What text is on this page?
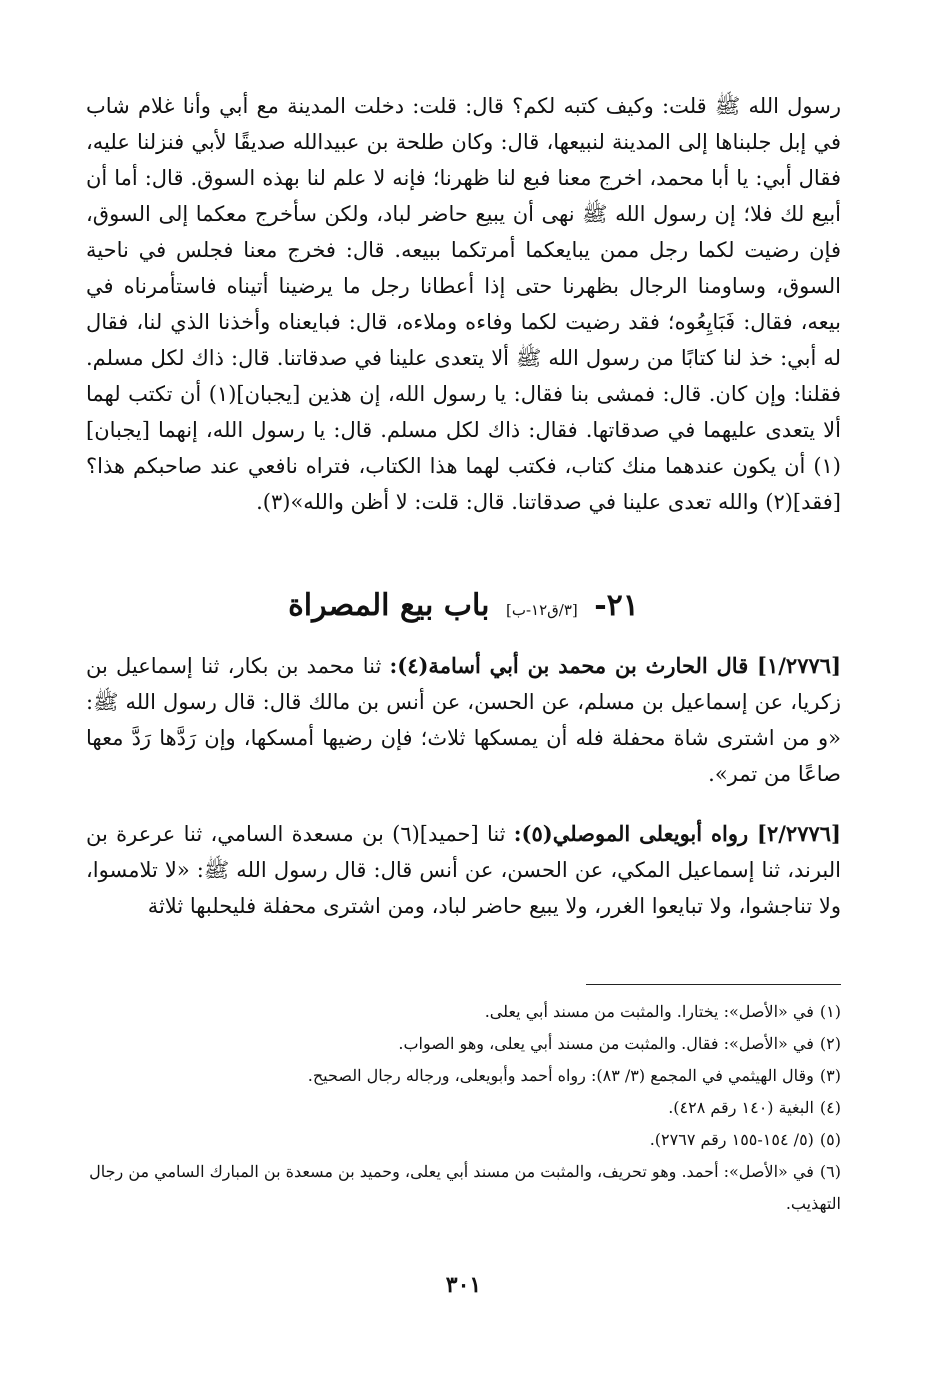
رسول الله ﷺ قلت: وكيف كتبه لكم؟ قال: قلت: دخلت المدينة مع أبي وأنا غلام شاب في إبل جلبناها إلى المدينة لنبيعها، قال: وكان طلحة بن عبيدالله صديقًا لأبي فنزلنا عليه، فقال أبي: يا أبا محمد، اخرج معنا فبع لنا ظهرنا؛ فإنه لا علم لنا بهذه السوق. قال: أما أن أبيع لك فلا؛ إن رسول الله ﷺ نهى أن يبيع حاضر لباد، ولكن سأخرج معكما إلى السوق، فإن رضيت لكما رجل ممن يبايعكما أمرتكما ببيعه. قال: فخرج معنا فجلس في ناحية السوق، وساومنا الرجال بظهرنا حتى إذا أعطانا رجل ما يرضينا أتيناه فاستأمرناه في بيعه، فقال: فَبَايِعُوه؛ فقد رضيت لكما وفاءه وملاءه، قال: فبايعناه وأخذنا الذي لنا، فقال له أبي: خذ لنا كتابًا من رسول الله ﷺ ألا يتعدى علينا في صدقاتنا. قال: ذاك لكل مسلم. فقلنا: وإن كان. قال: فمشى بنا فقال: يا رسول الله، إن هذين [يجبان](١) أن تكتب لهما ألا يتعدى عليهما في صدقاتها. فقال: ذاك لكل مسلم. قال: يا رسول الله، إنهما [يجبان](١) أن يكون عندهما منك كتاب، فكتب لهما هذا الكتاب، فتراه نافعي عند صاحبكم هذا؟ [فقد](٢) والله تعدى علينا في صدقاتنا. قال: قلت: لا أظن والله»(٣).

٢١- [٣/ق١٢-ب] باب بيع المصراة

[١/٢٧٧٦] قال الحارث بن محمد بن أبي أسامة(٤): ثنا محمد بن بكار، ثنا إسماعيل بن زكريا، عن إسماعيل بن مسلم، عن الحسن، عن أنس بن مالك قال: قال رسول الله ﷺ: «و من اشترى شاة محفلة فله أن يمسكها ثلاث؛ فإن رضيها أمسكها، وإن رَدَّها رَدَّ معها صاعًا من تمر».

[٢/٢٧٧٦] رواه أبويعلى الموصلي(٥): ثنا [حميد](٦) بن مسعدة السامي، ثنا عرعرة بن البرند، ثنا إسماعيل المكي، عن الحسن، عن أنس قال: قال رسول الله ﷺ: «لا تلامسوا، ولا تناجشوا، ولا تبايعوا الغرر، ولا يبيع حاضر لباد، ومن اشترى محفلة فليحلبها ثلاثة

(١)في «الأصل»: يختارا. والمثبت من مسند أبي يعلى.

(٢)في «الأصل»: فقال. والمثبت من مسند أبي يعلى، وهو الصواب.

(٣)وقال الهيثمي في المجمع (٣/ ٨٣): رواه أحمد وأبويعلى، ورجاله رجال الصحيح.

(٤)البغية (١٤٠ رقم ٤٢٨).

(٥)(٥/ ١٥٤-١٥٥ رقم ٢٧٦٧).

(٦)في «الأصل»: أحمد. وهو تحريف، والمثبت من مسند أبي يعلى، وحميد بن مسعدة بن المبارك السامي من رجال التهذيب.

٣٠١
